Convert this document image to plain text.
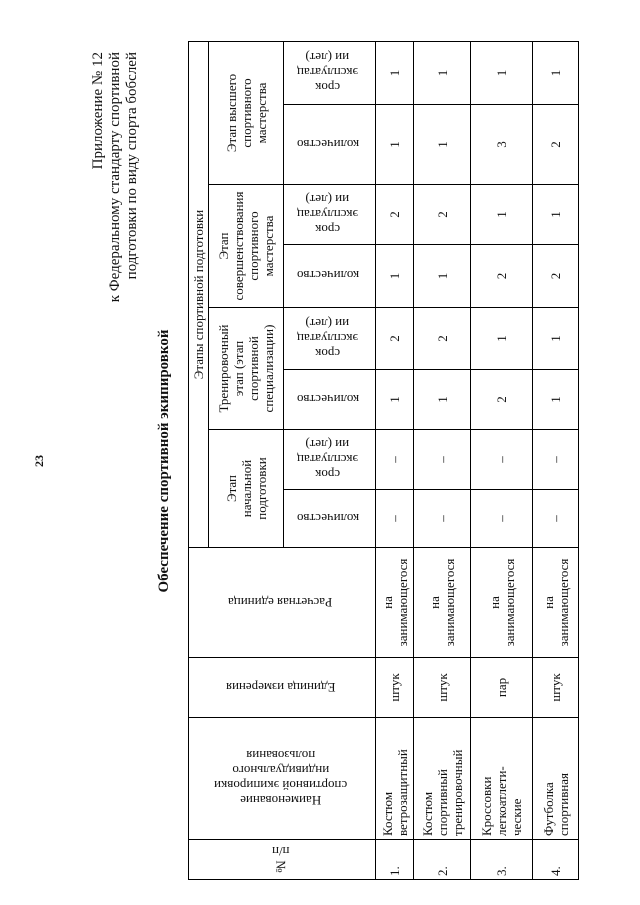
23
Приложение № 12 к Федеральному стандарту спортивной подготовки по виду спорта бобслей
Обеспечение спортивной экипировкой
№
п/п	Наименование
спортивной экипировки
индивидуального
пользования	Единица измерения	Расчетная единица	Этапы спортивной подготовки							

				Этап начальной подготовки		Тренировочный этап (этап спортивной специализации)		Этап совершенствования спортивного мастерства		Этап высшего спортивного мастерства	

				количество	срок
эксплуатац
ии (лет)	количество	срок
эксплуатац
ии (лет)	количество	срок
эксплуатац
ии (лет)	количество	срок
эксплуатац
ии (лет)

1.	Костюм ветрозащитный	штук	на занимающегося	–	–	1	2	1	2	1	1
2.	Костюм спортивный тренировочный	штук	на занимающегося	–	–	1	2	1	2	1	1
3.	Кроссовки легкоатлети- ческие	пар	на занимающегося	–	–	2	1	2	1	3	1
4.	Футболка спортивная	штук	на занимающегося	–	–	1	1	2	1	2	1
